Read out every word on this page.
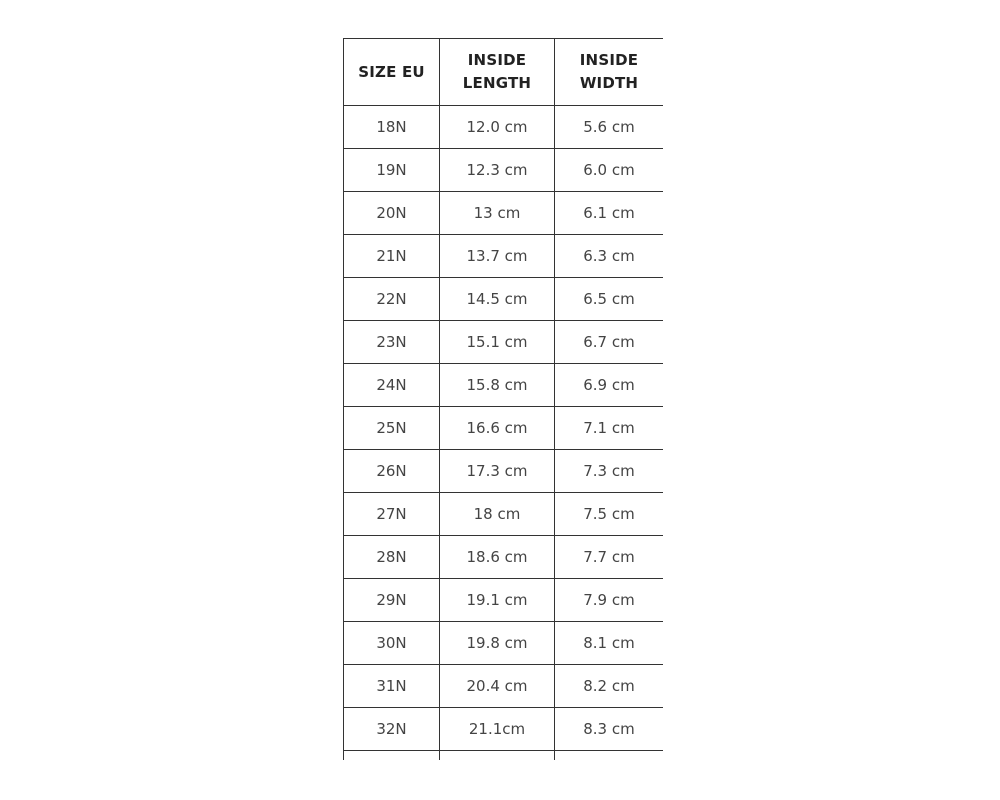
SIZE EU	INSIDE LENGTH	INSIDE WIDTH
18N	12.0 cm	5.6 cm
19N	12.3 cm	6.0 cm
20N	13 cm	6.1 cm
21N	13.7 cm	6.3 cm
22N	14.5 cm	6.5 cm
23N	15.1 cm	6.7 cm
24N	15.8 cm	6.9 cm
25N	16.6 cm	7.1 cm
26N	17.3 cm	7.3 cm
27N	18 cm	7.5 cm
28N	18.6 cm	7.7 cm
29N	19.1 cm	7.9 cm
30N	19.8 cm	8.1 cm
31N	20.4 cm	8.2 cm
32N	21.1cm	8.3 cm
